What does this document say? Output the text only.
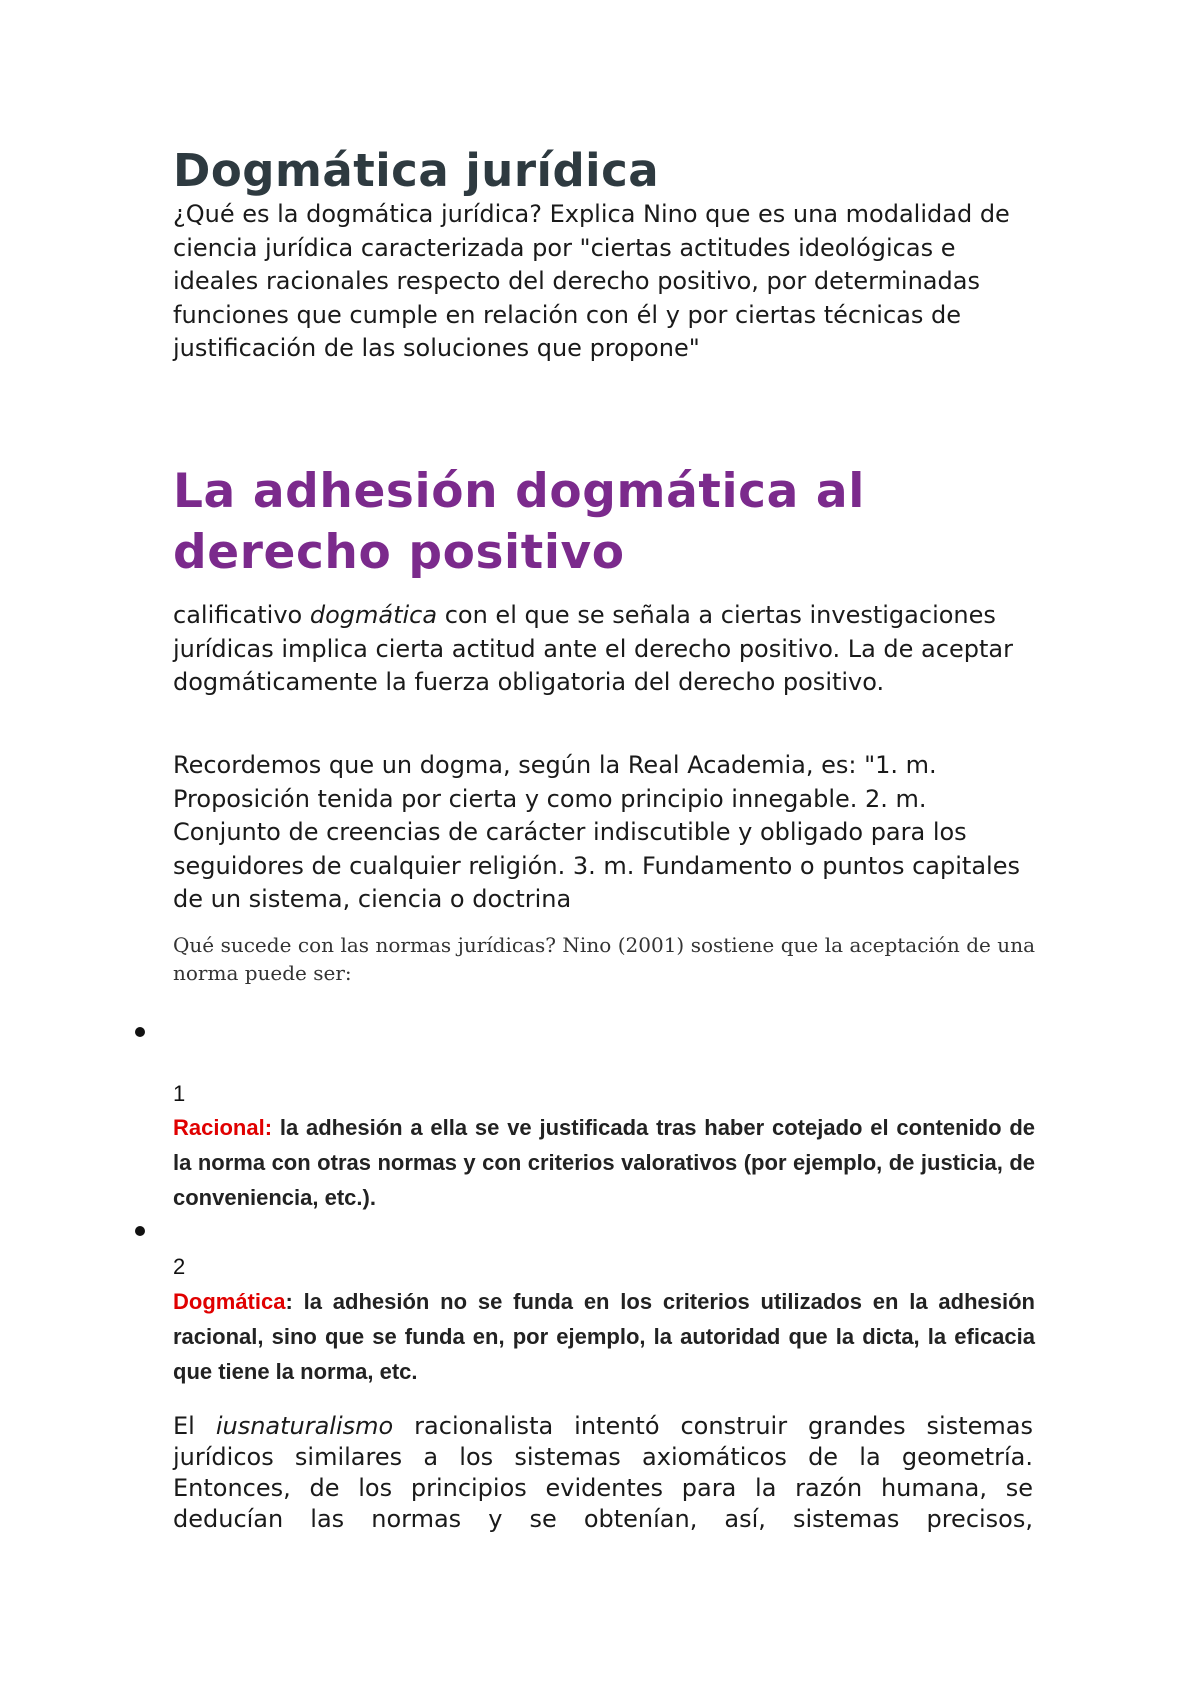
Dogmática jurídica
¿Qué es la dogmática jurídica? Explica Nino que es una modalidad de ciencia jurídica caracterizada por "ciertas actitudes ideológicas e ideales racionales respecto del derecho positivo, por determinadas funciones que cumple en relación con él y por ciertas técnicas de justificación de las soluciones que propone"
La adhesión dogmática al derecho positivo
calificativo dogmática con el que se señala a ciertas investigaciones jurídicas implica cierta actitud ante el derecho positivo. La de aceptar dogmáticamente la fuerza obligatoria del derecho positivo.
Recordemos que un dogma, según la Real Academia, es: "1. m. Proposición tenida por cierta y como principio innegable. 2. m. Conjunto de creencias de carácter indiscutible y obligado para los seguidores de cualquier religión. 3. m. Fundamento o puntos capitales de un sistema, ciencia o doctrina
Qué sucede con las normas jurídicas? Nino (2001) sostiene que la aceptación de una norma puede ser:
1
Racional: la adhesión a ella se ve justificada tras haber cotejado el contenido de la norma con otras normas y con criterios valorativos (por ejemplo, de justicia, de conveniencia, etc.).
2
Dogmática: la adhesión no se funda en los criterios utilizados en la adhesión racional, sino que se funda en, por ejemplo, la autoridad que la dicta, la eficacia que tiene la norma, etc.
El iusnaturalismo racionalista intentó construir grandes sistemas jurídicos similares a los sistemas axiomáticos de la geometría. Entonces, de los principios evidentes para la razón humana, se deducían las normas y se obtenían, así, sistemas precisos,
